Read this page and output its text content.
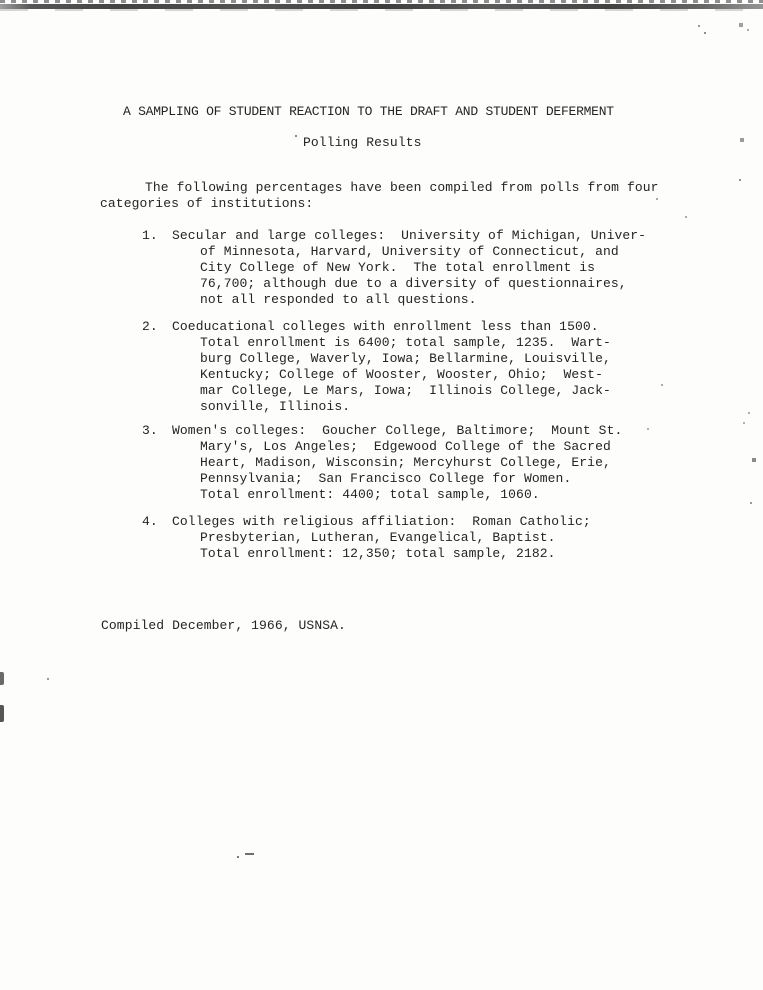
A SAMPLING OF STUDENT REACTION TO THE DRAFT AND STUDENT DEFERMENT
Polling Results
The following percentages have been compiled from polls from four
categories of institutions:
1. Secular and large colleges:  University of Michigan, Univer-
of Minnesota, Harvard, University of Connecticut, and
City College of New York.  The total enrollment is
76,700; although due to a diversity of questionnaires,
not all responded to all questions.
2. Coeducational colleges with enrollment less than 1500.
Total enrollment is 6400; total sample, 1235.  Wart-
burg College, Waverly, Iowa; Bellarmine, Louisville,
Kentucky; College of Wooster, Wooster, Ohio;  West-
mar College, Le Mars, Iowa;  Illinois College, Jack-
sonville, Illinois.
3. Women's colleges:  Goucher College, Baltimore;  Mount St.
Mary's, Los Angeles;  Edgewood College of the Sacred
Heart, Madison, Wisconsin; Mercyhurst College, Erie,
Pennsylvania;  San Francisco College for Women.
Total enrollment: 4400; total sample, 1060.
4. Colleges with religious affiliation:  Roman Catholic;
Presbyterian, Lutheran, Evangelical, Baptist.
Total enrollment: 12,350; total sample, 2182.
Compiled December, 1966, USNSA.
